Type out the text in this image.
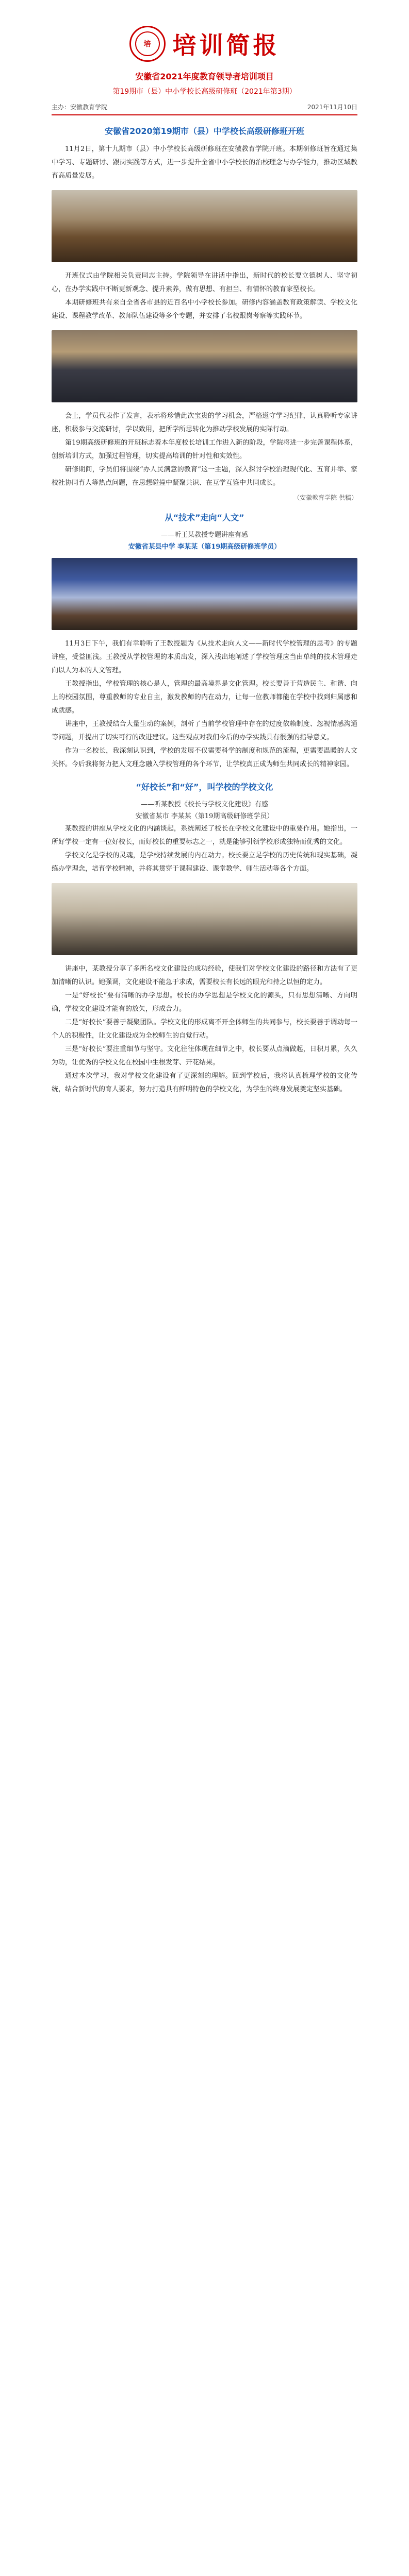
培 培训简报
安徽省2021年度教育领导者培训项目
第19期市（县）中小学校长高级研修班（2021年第3期）
主办：安徽教育学院	2021年11月10日
安徽省2020第19期市（县）中学校长高级研修班开班

11月2日，第十九期市（县）中小学校长高级研修班在安徽教育学院开班。本期研修班旨在通过集中学习、专题研讨、跟岗实践等方式，进一步提升全省中小学校长的治校理念与办学能力，推动区域教育高质量发展。

开班仪式由学院相关负责同志主持。学院领导在讲话中指出，新时代的校长要立德树人、坚守初心，在办学实践中不断更新观念、提升素养，做有思想、有担当、有情怀的教育家型校长。

本期研修班共有来自全省各市县的近百名中小学校长参加。研修内容涵盖教育政策解读、学校文化建设、课程教学改革、教师队伍建设等多个专题，并安排了名校跟岗考察等实践环节。

会上，学员代表作了发言，表示将珍惜此次宝贵的学习机会，严格遵守学习纪律，认真聆听专家讲座，积极参与交流研讨，学以致用，把所学所思转化为推动学校发展的实际行动。

第19期高级研修班的开班标志着本年度校长培训工作进入新的阶段，学院将进一步完善课程体系，创新培训方式，加强过程管理，切实提高培训的针对性和实效性。

研修期间，学员们将围绕“办人民满意的教育”这一主题，深入探讨学校治理现代化、五育并举、家校社协同育人等热点问题，在思想碰撞中凝聚共识、在互学互鉴中共同成长。

（安徽教育学院 供稿）
从“技术”走向“人文”
——听王某教授专题讲座有感
安徽省某县中学 李某某（第19期高级研修班学员）

11月3日下午，我们有幸聆听了王教授题为《从技术走向人文——新时代学校管理的思考》的专题讲座，受益匪浅。王教授从学校管理的本质出发，深入浅出地阐述了学校管理应当由单纯的技术管理走向以人为本的人文管理。

王教授指出，学校管理的核心是人，管理的最高境界是文化管理。校长要善于营造民主、和谐、向上的校园氛围，尊重教师的专业自主，激发教师的内在动力，让每一位教师都能在学校中找到归属感和成就感。

讲座中，王教授结合大量生动的案例，剖析了当前学校管理中存在的过度依赖制度、忽视情感沟通等问题，并提出了切实可行的改进建议。这些观点对我们今后的办学实践具有很强的指导意义。

作为一名校长，我深刻认识到，学校的发展不仅需要科学的制度和规范的流程，更需要温暖的人文关怀。今后我将努力把人文理念融入学校管理的各个环节，让学校真正成为师生共同成长的精神家园。

“好校长”和“好”，叫学校的学校文化
——听某教授《校长与学校文化建设》有感
安徽省某市 李某某（第19期高级研修班学员）

某教授的讲座从学校文化的内涵谈起，系统阐述了校长在学校文化建设中的重要作用。她指出，一所好学校一定有一位好校长，而好校长的重要标志之一，就是能够引领学校形成独特而优秀的文化。

学校文化是学校的灵魂，是学校持续发展的内在动力。校长要立足学校的历史传统和现实基础，凝练办学理念，培育学校精神，并将其贯穿于课程建设、课堂教学、师生活动等各个方面。

讲座中，某教授分享了多所名校文化建设的成功经验，使我们对学校文化建设的路径和方法有了更加清晰的认识。她强调，文化建设不能急于求成，需要校长有长远的眼光和持之以恒的定力。

一是“好校长”要有清晰的办学思想。校长的办学思想是学校文化的源头，只有思想清晰、方向明确，学校文化建设才能有的放矢，形成合力。

二是“好校长”要善于凝聚团队。学校文化的形成离不开全体师生的共同参与，校长要善于调动每一个人的积极性，让文化建设成为全校师生的自觉行动。

三是“好校长”要注重细节与坚守。文化往往体现在细节之中，校长要从点滴做起，日积月累，久久为功，让优秀的学校文化在校园中生根发芽、开花结果。

通过本次学习，我对学校文化建设有了更深刻的理解。回到学校后，我将认真梳理学校的文化传统，结合新时代的育人要求，努力打造具有鲜明特色的学校文化，为学生的终身发展奠定坚实基础。
